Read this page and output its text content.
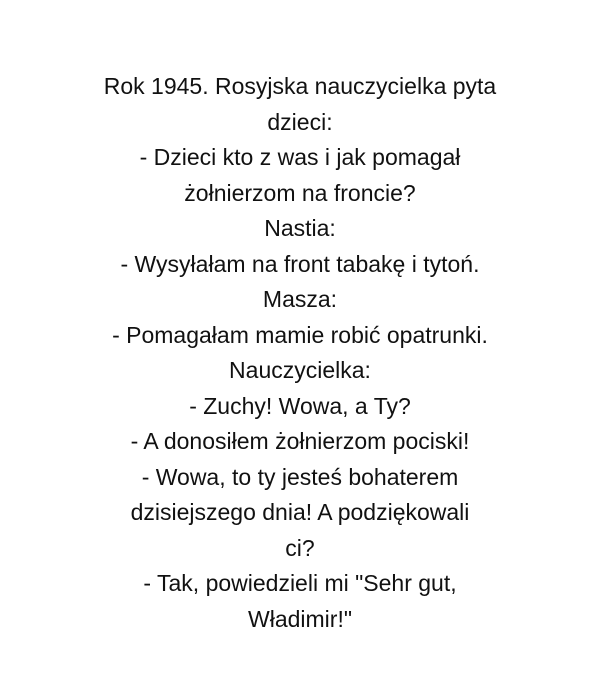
Rok 1945. Rosyjska nauczycielka pyta
dzieci:
- Dzieci kto z was i jak pomagał
żołnierzom na froncie?
Nastia:
- Wysyłałam na front tabakę i tytoń.
Masza:
- Pomagałam mamie robić opatrunki.
Nauczycielka:
- Zuchy! Wowa, a Ty?
- A donosiłem żołnierzom pociski!
- Wowa, to ty jesteś bohaterem
dzisiejszego dnia! A podziękowali
ci?
- Tak, powiedzieli mi "Sehr gut,
Władimir!"
